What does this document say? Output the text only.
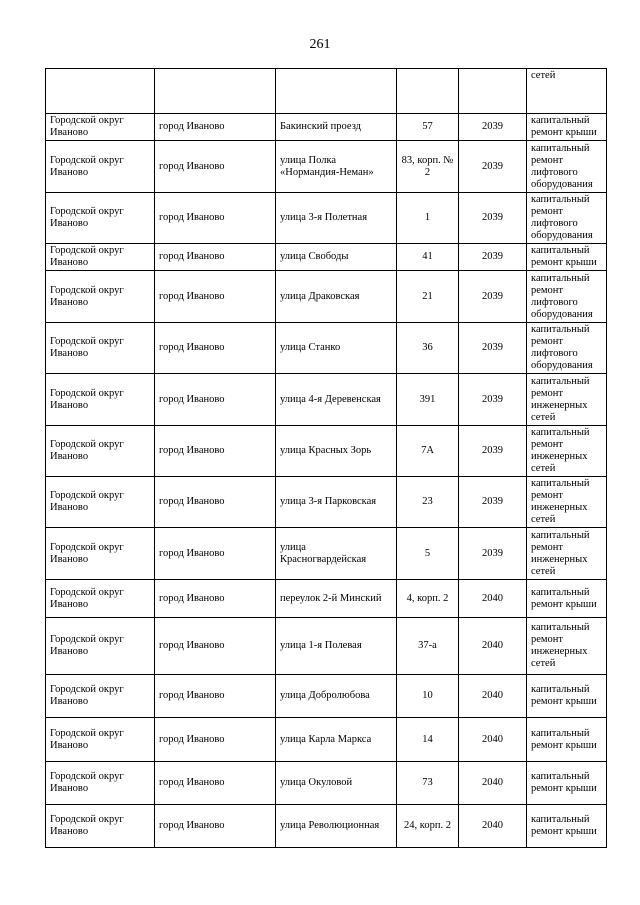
261
					сетей
Городской округ Иваново	город Иваново	Бакинский проезд	57	2039	капитальный ремонт крыши
Городской округ Иваново	город Иваново	улица Полка «Нормандия-Неман»	83, корп. № 2	2039	капитальный ремонт лифтового оборудования
Городской округ Иваново	город Иваново	улица 3-я Полетная	1	2039	капитальный ремонт лифтового оборудования
Городской округ Иваново	город Иваново	улица Свободы	41	2039	капитальный ремонт крыши
Городской округ Иваново	город Иваново	улица Драковская	21	2039	капитальный ремонт лифтового оборудования
Городской округ Иваново	город Иваново	улица Станко	36	2039	капитальный ремонт лифтового оборудования
Городской округ Иваново	город Иваново	улица 4-я Деревенская	391	2039	капитальный ремонт инженерных сетей
Городской округ Иваново	город Иваново	улица Красных Зорь	7А	2039	капитальный ремонт инженерных сетей
Городской округ Иваново	город Иваново	улица 3-я Парковская	23	2039	капитальный ремонт инженерных сетей
Городской округ Иваново	город Иваново	улица Красногвардейская	5	2039	капитальный ремонт инженерных сетей
Городской округ Иваново	город Иваново	переулок 2-й Минский	4, корп. 2	2040	капитальный ремонт крыши
Городской округ Иваново	город Иваново	улица 1-я Полевая	37-а	2040	капитальный ремонт инженерных сетей
Городской округ Иваново	город Иваново	улица Добролюбова	10	2040	капитальный ремонт крыши
Городской округ Иваново	город Иваново	улица Карла Маркса	14	2040	капитальный ремонт крыши
Городской округ Иваново	город Иваново	улица Окуловой	73	2040	капитальный ремонт крыши
Городской округ Иваново	город Иваново	улица Революционная	24, корп. 2	2040	капитальный ремонт крыши
